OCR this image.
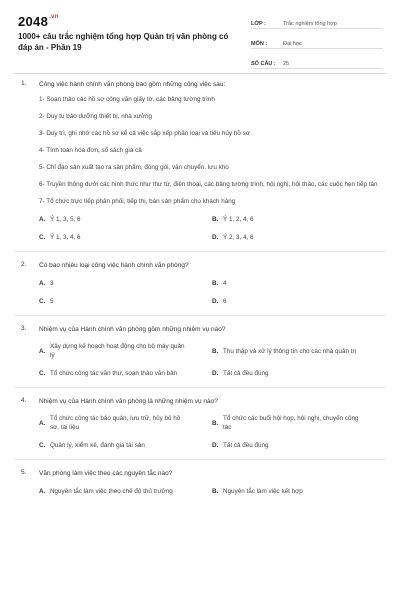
$2048^{.vn}$
1000+ câu trắc nghiệm tổng hợp Quản trị văn phòng có đáp án - Phần 19
LỚP :	Trắc nghiệm tổng hợp
MÔN :	Đại học
SỐ CÂU :	25
1. Công việc hành chính văn phòng bao gồm những công việc sau:
1- Soạn thảo các hồ sơ công văn giấy tờ, các bảng tường trình
2- Duy tu bảo dưỡng thiết bị, nhà xưởng
3- Duy trì, ghi nhớ các hồ sơ kể cả việc sắp xếp phân loại và tiêu hủy hồ sơ
4- Tính toán hóa đơn, sổ sách giá cả
5- Chỉ đạo sản xuất tạo ra sản phẩm, đóng gói, vận chuyển, lưu kho
6- Truyền thông dưới các hình thức như thư từ, điện thoại, các bảng tường trình, hội nghị, hội thảo, các cuộc hẹn tiếp tân
7- Tổ chức trực tiếp phân phối, tiếp thị, bán sản phẩm cho khách hàng
A. Ý 1, 3, 5, 6	B. Ý 1, 2, 4, 6
C. Ý 1, 3, 4, 6	D. Ý 2, 3, 4, 6
2. Có bao nhiêu loại công việc hành chính văn phòng?
A. 3	B. 4
C. 5	D. 6
3. Nhiệm vụ của Hành chính văn phòng gồm những nhiệm vụ nào?
A.
Xây dựng kế hoạch hoạt động cho bộ máy quản lý
B. Thu thập và xử lý thông tin cho các nhà quản trị
C. Tổ chức công tác văn thư, soạn thảo văn bản	D. Tất cả đều đúng
4. Nhiệm vụ của Hành chính văn phòng là những nhiệm vụ nào?
A.
Tổ chức công tác bảo quản, lưu trữ, hủy bỏ hồ sơ, tài liệu
B.
Tổ chức các buổi hội họp, hội nghị, chuyến công tác
C. Quản lý, kiểm kê, đánh giá tài sản	D. Tất cả đều đúng
5. Văn phòng làm việc theo các nguyên tắc nào?
A. Nguyên tắc làm việc theo chế độ thủ trưởng	B. Nguyên tắc làm việc kết hợp
